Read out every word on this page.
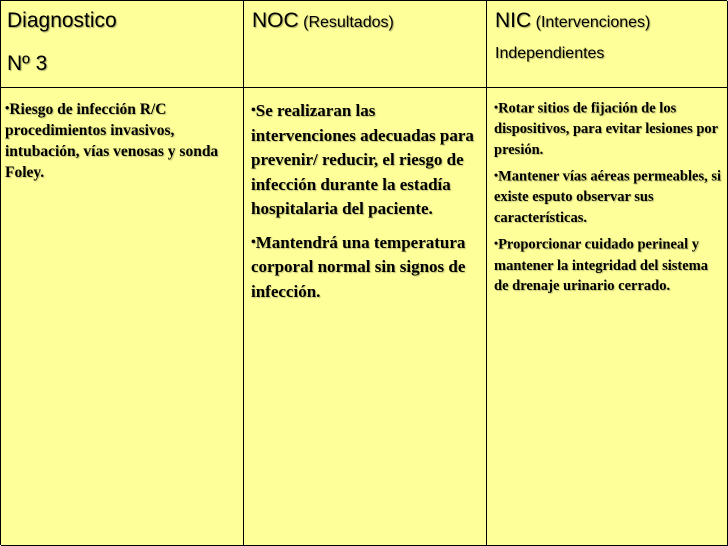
Diagnostico
Nº 3
NOC (Resultados)	NIC (Intervenciones)
Independientes
•Riesgo de infección R/C procedimientos invasivos, intubación, vías venosas y sonda Foley.
•Se realizaran las intervenciones adecuadas para prevenir/ reducir, el riesgo de infección durante la estadía hospitalaria del paciente.
•Mantendrá una temperatura corporal normal sin signos de infección.
•Rotar sitios de fijación de los dispositivos, para evitar lesiones por presión.
•Mantener vías aéreas permeables, si existe esputo observar sus características.
•Proporcionar cuidado perineal y mantener la integridad del sistema de drenaje urinario cerrado.
